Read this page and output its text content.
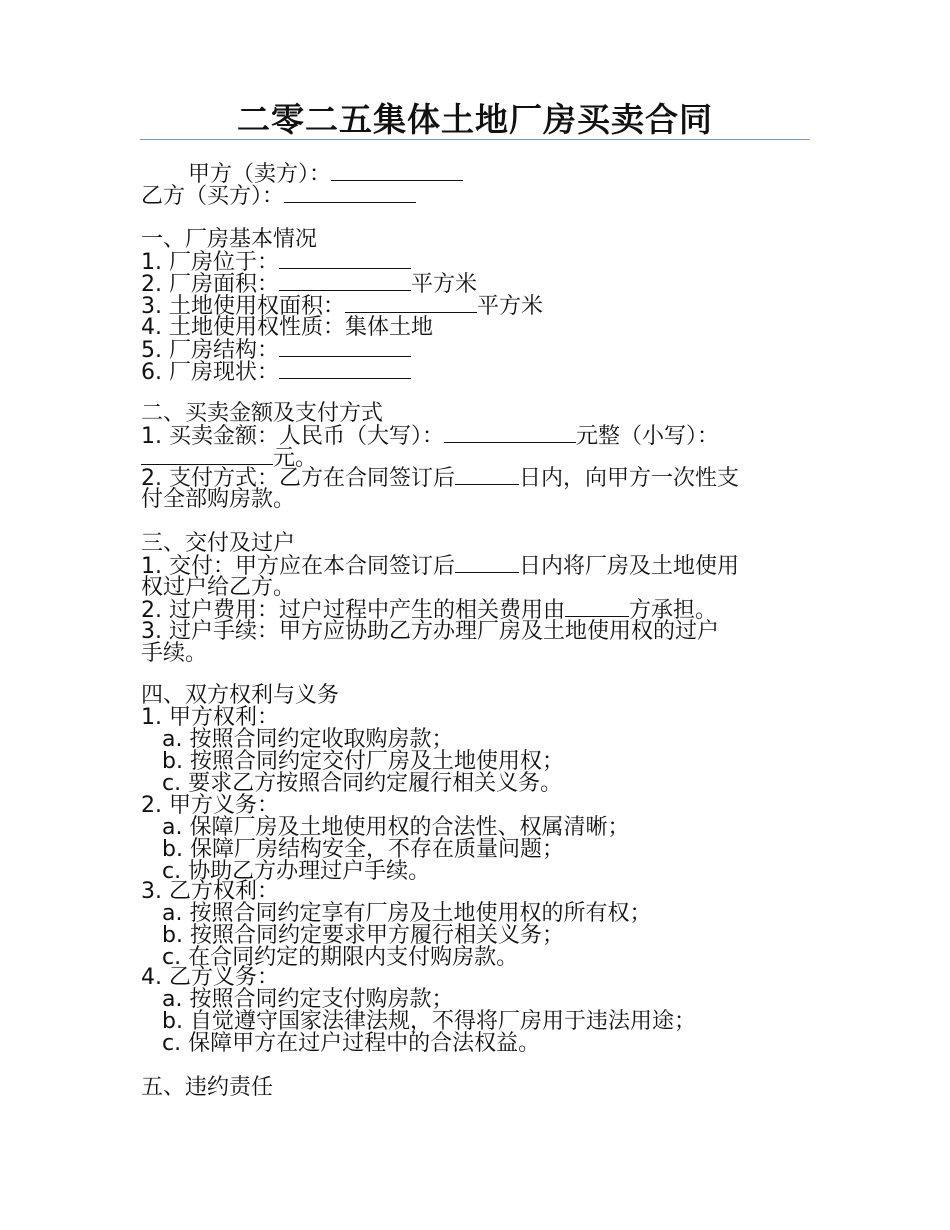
二零二五集体土地厂房买卖合同
甲方（卖方）：
乙方（买方）：
一、厂房基本情况
1. 厂房位于：
2. 厂房面积：	平方米
3. 土地使用权面积：	平方米
4. 土地使用权性质：集体土地
5. 厂房结构：
6. 厂房现状：
二、买卖金额及支付方式
1. 买卖金额：人民币（大写）：	元整（小写）：
元。
2. 支付方式：乙方在合同签订后	日内，向甲方一次性支
付全部购房款。
三、交付及过户
1. 交付：甲方应在本合同签订后	日内将厂房及土地使用
权过户给乙方。
2. 过户费用：过户过程中产生的相关费用由	方承担。
3. 过户手续：甲方应协助乙方办理厂房及土地使用权的过户
手续。
四、双方权利与义务
1. 甲方权利：
a. 按照合同约定收取购房款；
b. 按照合同约定交付厂房及土地使用权；
c. 要求乙方按照合同约定履行相关义务。
2. 甲方义务：
a. 保障厂房及土地使用权的合法性、权属清晰；
b. 保障厂房结构安全，不存在质量问题；
c. 协助乙方办理过户手续。
3. 乙方权利：
a. 按照合同约定享有厂房及土地使用权的所有权；
b. 按照合同约定要求甲方履行相关义务；
c. 在合同约定的期限内支付购房款。
4. 乙方义务：
a. 按照合同约定支付购房款；
b. 自觉遵守国家法律法规，不得将厂房用于违法用途；
c. 保障甲方在过户过程中的合法权益。
五、违约责任
